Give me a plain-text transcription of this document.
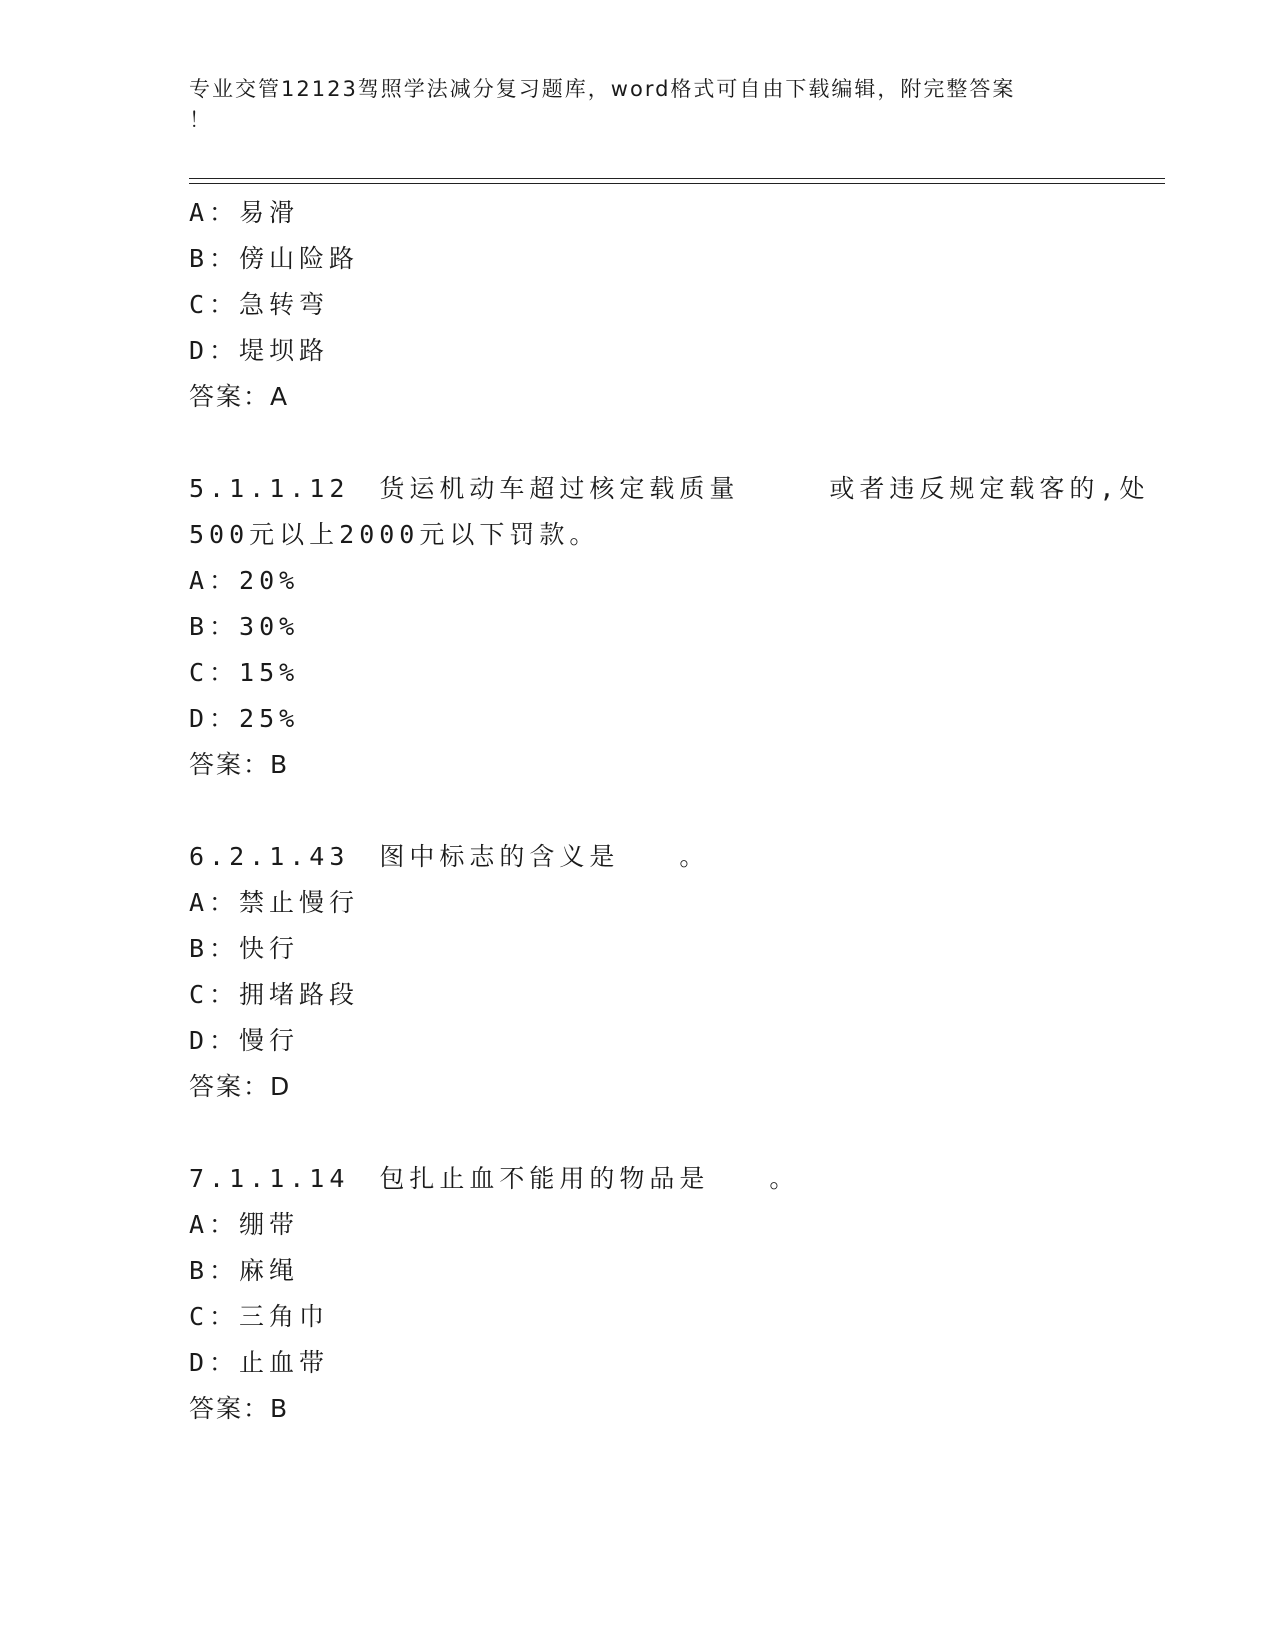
专业交管12123驾照学法减分复习题库，word格式可自由下载编辑，附完整答案
！
A：易滑
B：傍山险路
C：急转弯
D：堤坝路
答案：A
5.1.1.12　货运机动车超过核定载质量　　　或者违反规定载客的,处
500元以上2000元以下罚款。
A：20%
B：30%
C：15%
D：25%
答案：B
6.2.1.43　图中标志的含义是　　。
A：禁止慢行
B：快行
C：拥堵路段
D：慢行
答案：D
7.1.1.14　包扎止血不能用的物品是　　。
A：绷带
B：麻绳
C：三角巾
D：止血带
答案：B
